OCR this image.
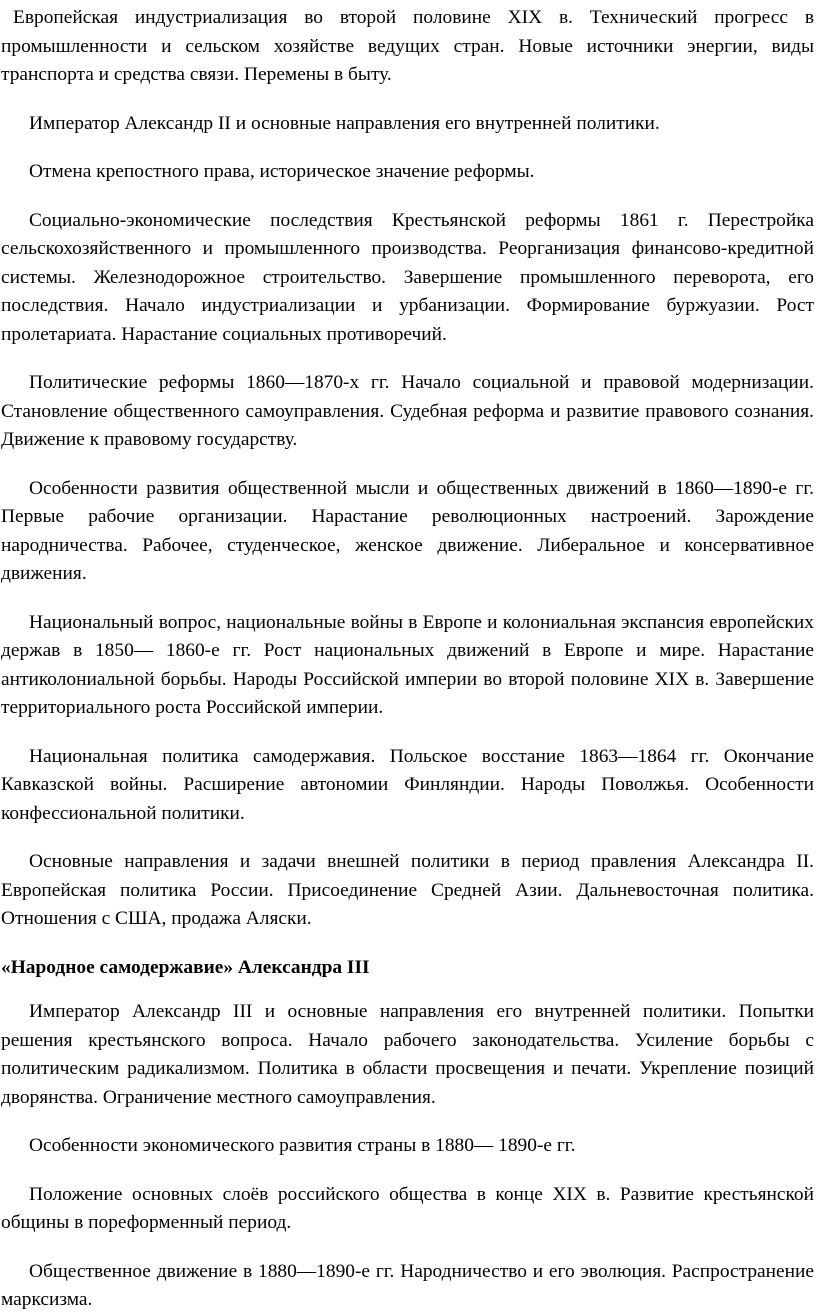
Европейская индустриализация во второй половине XIX в. Технический прогресс в промышленности и сельском хозяйстве ведущих стран. Новые источники энергии, виды транспорта и средства связи. Перемены в быту.

Император Александр II и основные направления его внутренней политики.

Отмена крепостного права, историческое значение реформы.

Социально-экономические последствия Крестьянской реформы 1861 г. Перестройка сельскохозяйственного и промышленного производства. Реорганизация финансово-кредитной системы. Железнодорожное строительство. Завершение промышленного переворота, его последствия. Начало индустриализации и урбанизации. Формирование буржуазии. Рост пролетариата. Нарастание социальных противоречий.

Политические реформы 1860—1870-х гг. Начало социальной и правовой модернизации. Становление общественного самоуправления. Судебная реформа и развитие правового сознания. Движение к правовому государству.

Особенности развития общественной мысли и общественных движений в 1860—1890-е гг. Первые рабочие организации. Нарастание революционных настроений. Зарождение народничества. Рабочее, студенческое, женское движение. Либеральное и консервативное движения.

Национальный вопрос, национальные войны в Европе и колониальная экспансия европейских держав в 1850— 1860-е гг. Рост национальных движений в Европе и мире. Нарастание антиколониальной борьбы. Народы Российской империи во второй половине XIX в. Завершение территориального роста Российской империи.

Национальная политика самодержавия. Польское восстание 1863—1864 гг. Окончание Кавказской войны. Расширение автономии Финляндии. Народы Поволжья. Особенности конфессиональной политики.

Основные направления и задачи внешней политики в период правления Александра II. Европейская политика России. Присоединение Средней Азии. Дальневосточная политика. Отношения с США, продажа Аляски.

«Народное самодержавие» Александра III

Император Александр III и основные направления его внутренней политики. Попытки решения крестьянского вопроса. Начало рабочего законодательства. Усиление борьбы с политическим радикализмом. Политика в области просвещения и печати. Укрепление позиций дворянства. Ограничение местного самоуправления.

Особенности экономического развития страны в 1880— 1890-е гг.

Положение основных слоёв российского общества в конце XIX в. Развитие крестьянской общины в пореформенный период.

Общественное движение в 1880—1890-е гг. Народничество и его эволюция. Распространение марксизма.
